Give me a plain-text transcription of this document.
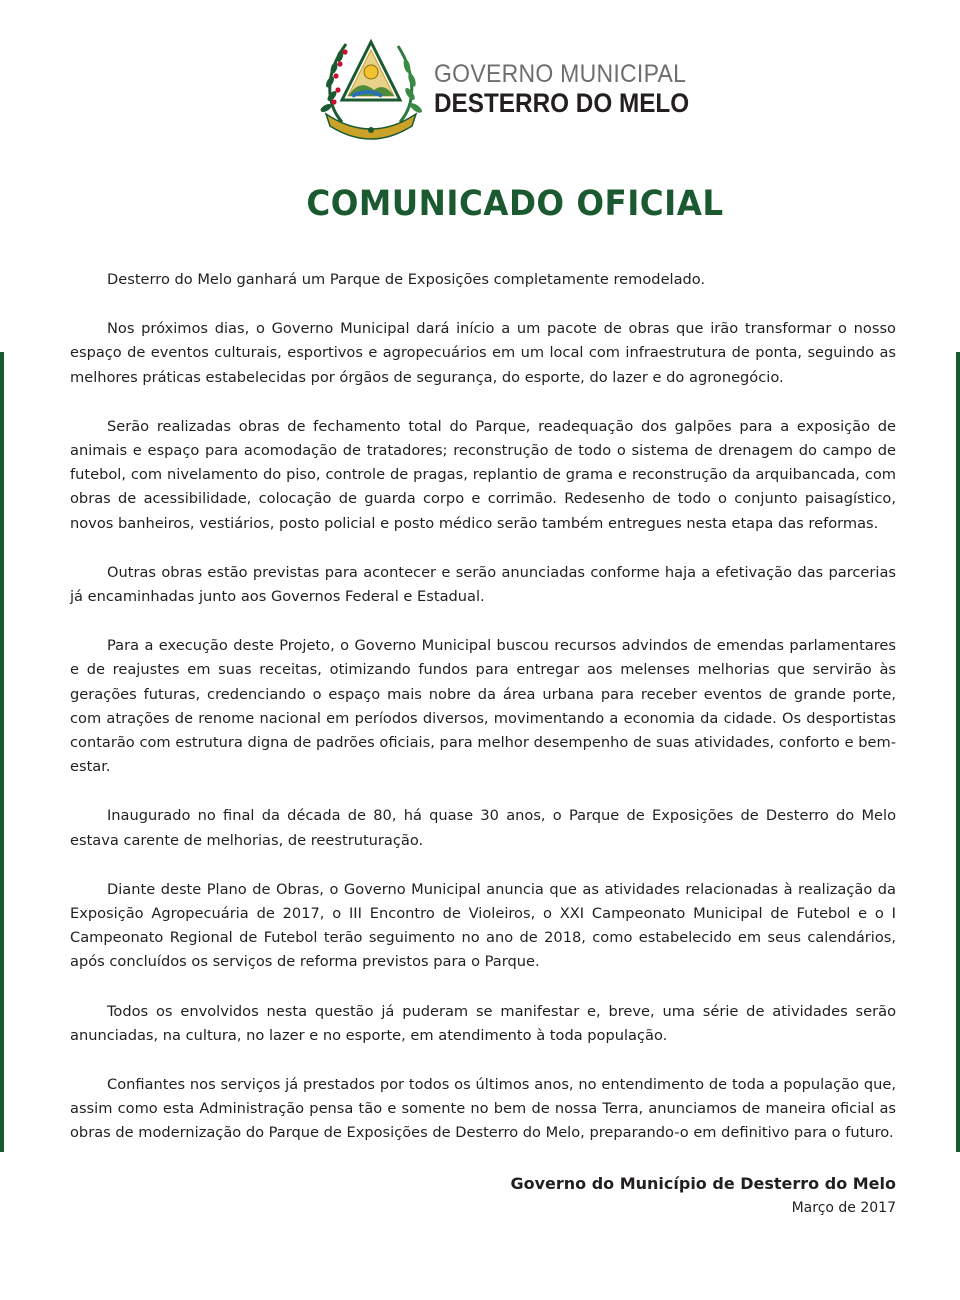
GOVERNO MUNICIPAL
DESTERRO DO MELO
COMUNICADO OFICIAL

Desterro do Melo ganhará um Parque de Exposições completamente remodelado.

Nos próximos dias, o Governo Municipal dará início a um pacote de obras que irão transformar o nosso espaço de eventos culturais, esportivos e agropecuários em um local com infraestrutura de ponta, seguindo as melhores práticas estabelecidas por órgãos de segurança, do esporte, do lazer e do agronegócio.

Serão realizadas obras de fechamento total do Parque, readequação dos galpões para a exposição de animais e espaço para acomodação de tratadores; reconstrução de todo o sistema de drenagem do campo de futebol, com nivelamento do piso, controle de pragas, replantio de grama e reconstrução da arquibancada, com obras de acessibilidade, colocação de guarda corpo e corrimão. Redesenho de todo o conjunto paisagístico, novos banheiros, vestiários, posto policial e posto médico serão também entregues nesta etapa das reformas.

Outras obras estão previstas para acontecer e serão anunciadas conforme haja a efetivação das parcerias já encaminhadas junto aos Governos Federal e Estadual.

Para a execução deste Projeto, o Governo Municipal buscou recursos advindos de emendas parlamentares e de reajustes em suas receitas, otimizando fundos para entregar aos melenses melhorias que servirão às gerações futuras, credenciando o espaço mais nobre da área urbana para receber eventos de grande porte, com atrações de renome nacional em períodos diversos, movimentando a economia da cidade. Os desportistas contarão com estrutura digna de padrões oficiais, para melhor desempenho de suas atividades, conforto e bem-estar.

Inaugurado no final da década de 80, há quase 30 anos, o Parque de Exposições de Desterro do Melo estava carente de melhorias, de reestruturação.

Diante deste Plano de Obras, o Governo Municipal anuncia que as atividades relacionadas à realização da Exposição Agropecuária de 2017, o III Encontro de Violeiros, o XXI Campeonato Municipal de Futebol e o I Campeonato Regional de Futebol terão seguimento no ano de 2018, como estabelecido em seus calendários, após concluídos os serviços de reforma previstos para o Parque.

Todos os envolvidos nesta questão já puderam se manifestar e, breve, uma série de atividades serão anunciadas, na cultura, no lazer e no esporte, em atendimento à toda população.

Confiantes nos serviços já prestados por todos os últimos anos, no entendimento de toda a população que, assim como esta Administração pensa tão e somente no bem de nossa Terra, anunciamos de maneira oficial as obras de modernização do Parque de Exposições de Desterro do Melo, preparando-o em definitivo para o futuro.

Governo do Município de Desterro do Melo
Março de 2017
